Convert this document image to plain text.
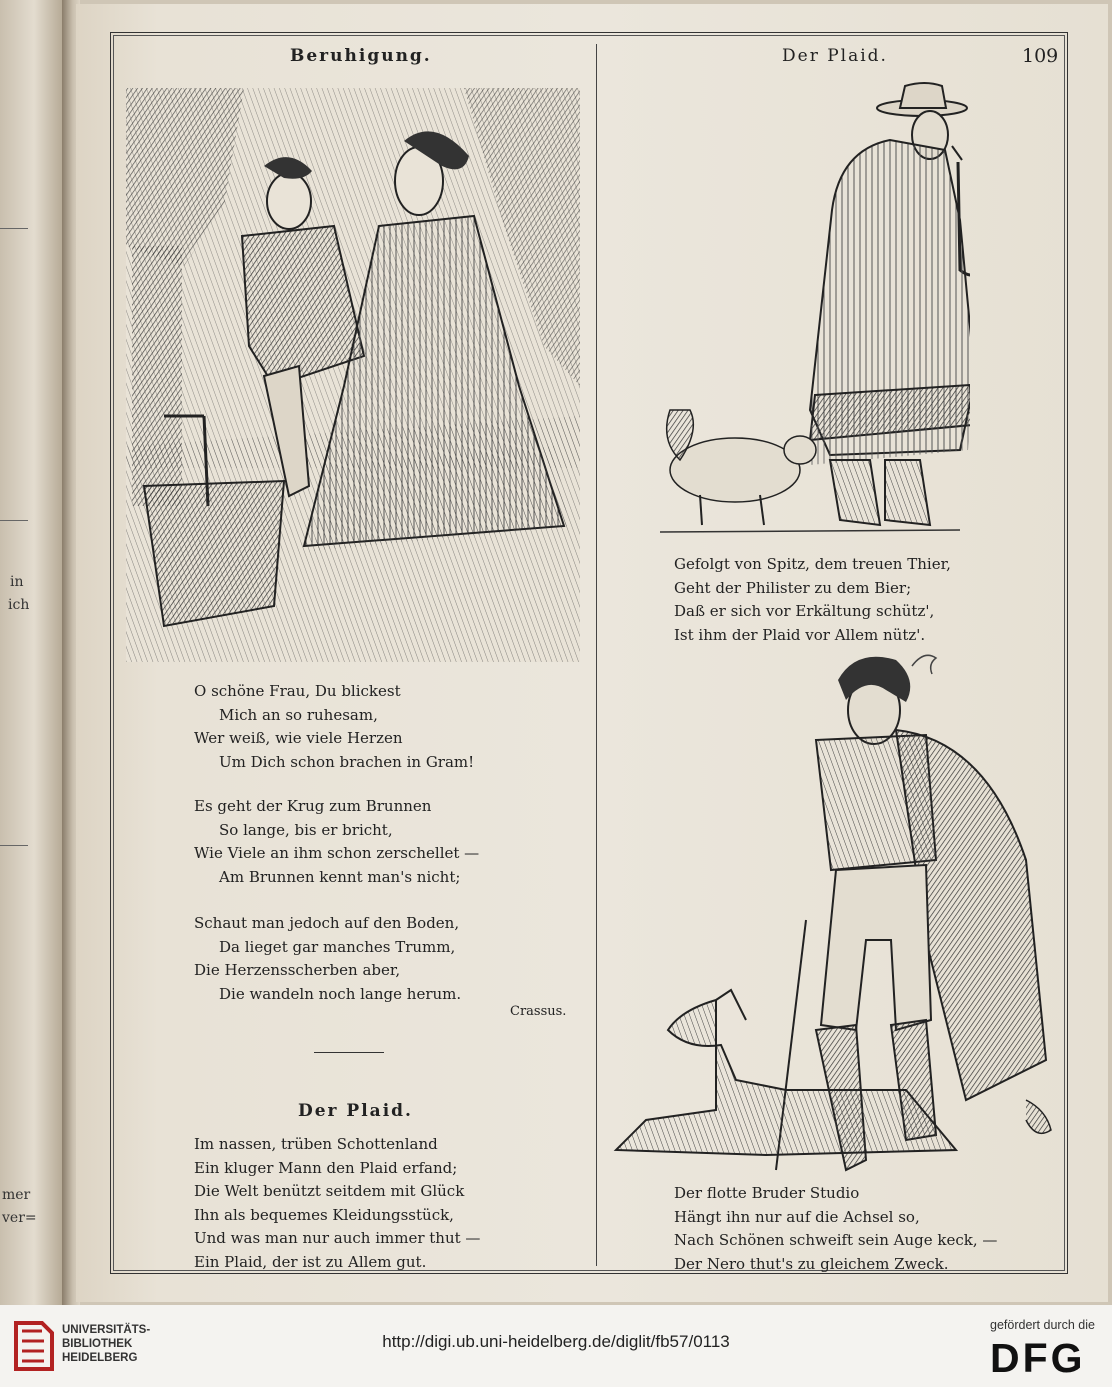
in
ich
mer
ver=
Beruhigung.	Der Plaid.	109
O schöne Frau, Du blickest
Mich an so ruhesam,
Wer weiß, wie viele Herzen
Um Dich schon brachen in Gram!
Es geht der Krug zum Brunnen
So lange, bis er bricht,
Wie Viele an ihm schon zerschellet —
Am Brunnen kennt man's nicht;
Schaut man jedoch auf den Boden,
Da lieget gar manches Trumm,
Die Herzensscherben aber,
Die wandeln noch lange herum.
Crassus.
Der Plaid.
Im nassen, trüben Schottenland
Ein kluger Mann den Plaid erfand;
Die Welt benützt seitdem mit Glück
Ihn als bequemes Kleidungsstück,
Und was man nur auch immer thut —
Ein Plaid, der ist zu Allem gut.
Gefolgt von Spitz, dem treuen Thier,
Geht der Philister zu dem Bier;
Daß er sich vor Erkältung schütz',
Ist ihm der Plaid vor Allem nütz'.
Der flotte Bruder Studio
Hängt ihn nur auf die Achsel so,
Nach Schönen schweift sein Auge keck, —
Der Nero thut's zu gleichem Zweck.
UNIVERSITÄTS-
BIBLIOTHEK
HEIDELBERG
http://digi.ub.uni-heidelberg.de/diglit/fb57/0113
gefördert durch die
DFG
